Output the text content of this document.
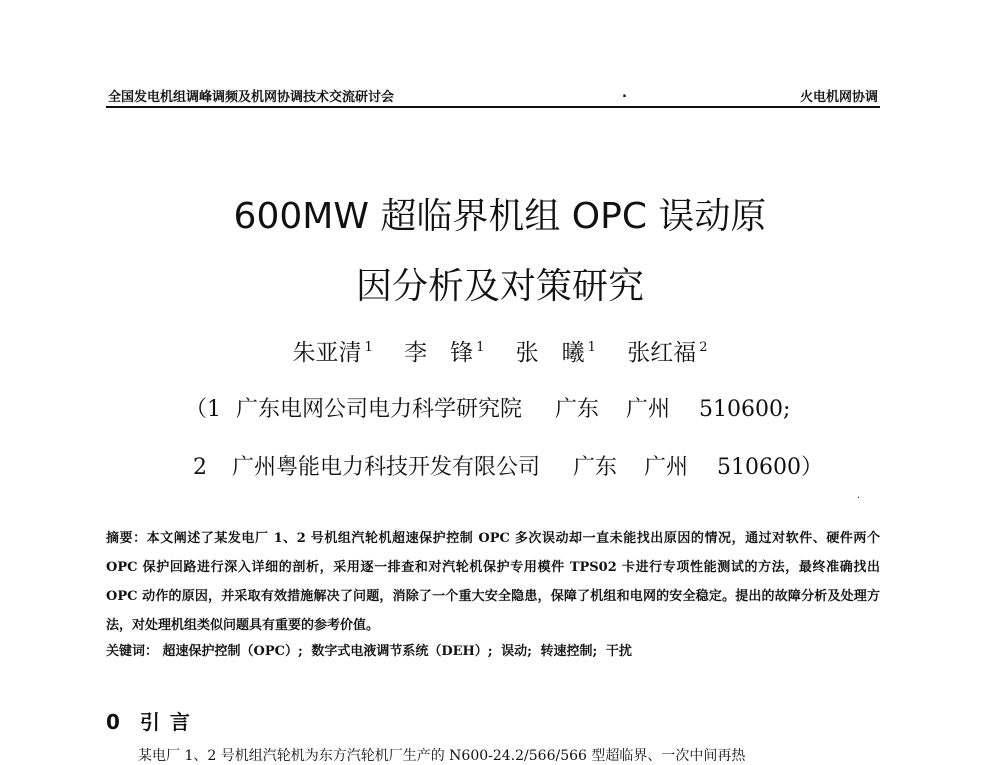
全国发电机组调峰调频及机网协调技术交流研讨会	.	火电机网协调
600MW 超临界机组 OPC 误动原
因分析及对策研究
朱亚清 $^1$ 李　锋 $^1$ 张　曦 $^1$ 张红福 $^2$
（1 广东电网公司电力科学研究院 广东 广州 510600;
2 广州粤能电力科技开发有限公司 广东 广州 510600）
.
摘要：本文阐述了某发电厂 1、2 号机组汽轮机超速保护控制 OPC 多次误动却一直未能找出原因的情况，通过对软件、硬件两个 OPC 保护回路进行深入详细的剖析，采用逐一排查和对汽轮机保护专用模件 TPS02 卡进行专项性能测试的方法，最终准确找出 OPC 动作的原因，并采取有效措施解决了问题，消除了一个重大安全隐患，保障了机组和电网的安全稳定。提出的故障分析及处理方法，对处理机组类似问题具有重要的参考价值。
关键词： 超速保护控制（OPC）; 数字式电液调节系统（DEH）; 误动; 转速控制; 干扰
0 引言
某电厂 1、2 号机组汽轮机为东方汽轮机厂生产的 N600-24.2/566/566 型超临界、一次中间再热
